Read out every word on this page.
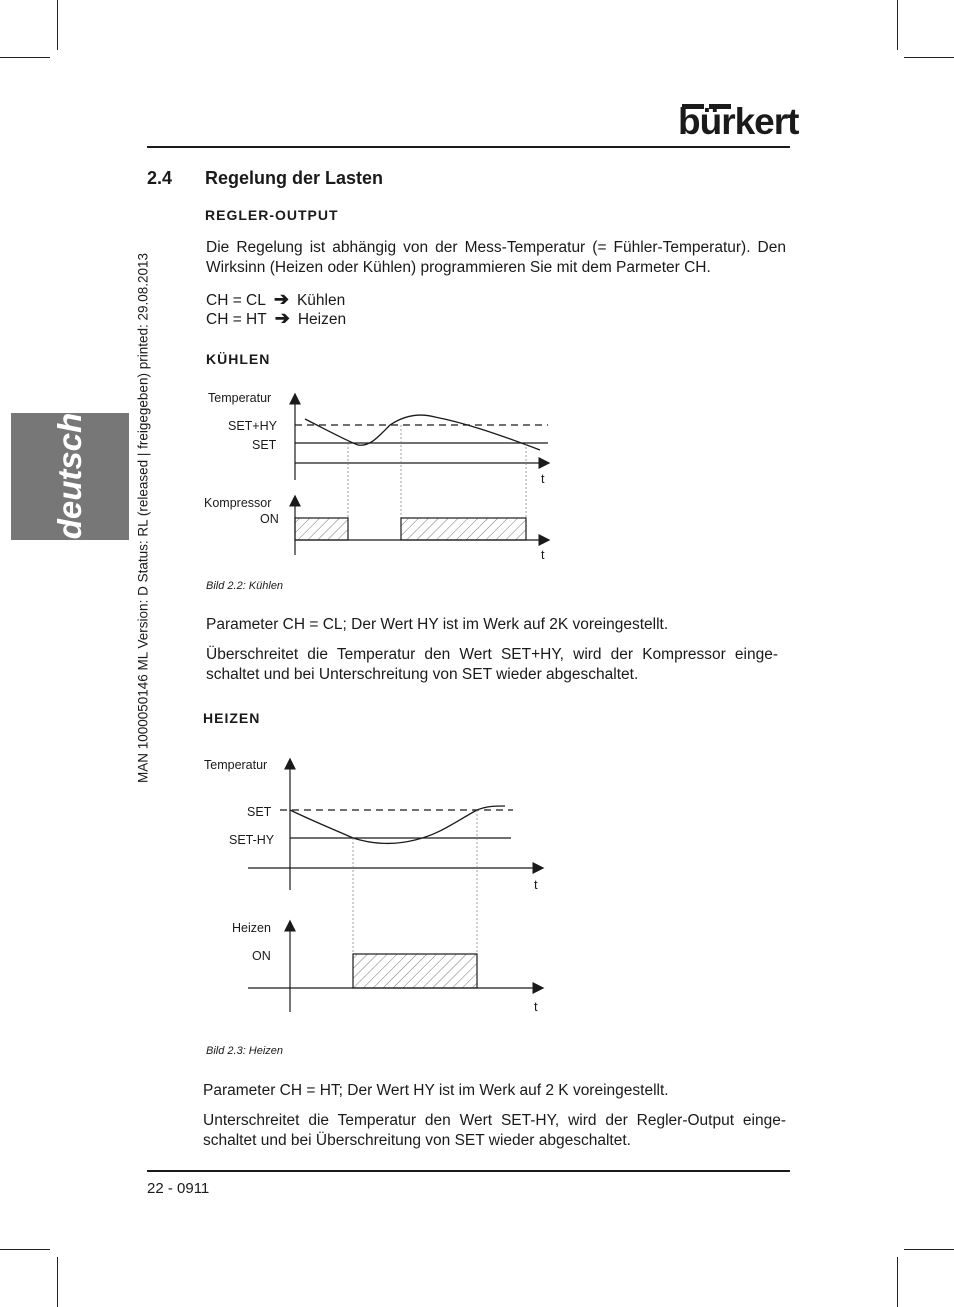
bürkert
deutsch	MAN 1000050146 ML Version: D Status: RL (released | freigegeben) printed: 29.08.2013
2.4 Regelung der Lasten
REGLER-OUTPUT
Die Regelung ist abhängig von der Mess-Temperatur (= Fühler-Temperatur). Den Wirksinn (Heizen oder Kühlen) programmieren Sie mit dem Parmeter CH.
CH = CL ➔ Kühlen
CH = HT ➔ Heizen
KÜHLEN
Temperatur
SET+HY
SET
t
Kompressor
ON
t
Bild 2.2: Kühlen
Parameter CH = CL; Der Wert HY ist im Werk auf 2K voreingestellt.
Überschreitet die Temperatur den Wert SET+HY, wird der Kompressor einge- schaltet und bei Unterschreitung von SET wieder abgeschaltet.
HEIZEN
Temperatur
SET
SET-HY
t
Heizen
ON
t
Bild 2.3: Heizen
Parameter CH = HT; Der Wert HY ist im Werk auf 2 K voreingestellt.
Unterschreitet die Temperatur den Wert SET-HY, wird der Regler-Output einge- schaltet und bei Überschreitung von SET wieder abgeschaltet.
22 - 0911
